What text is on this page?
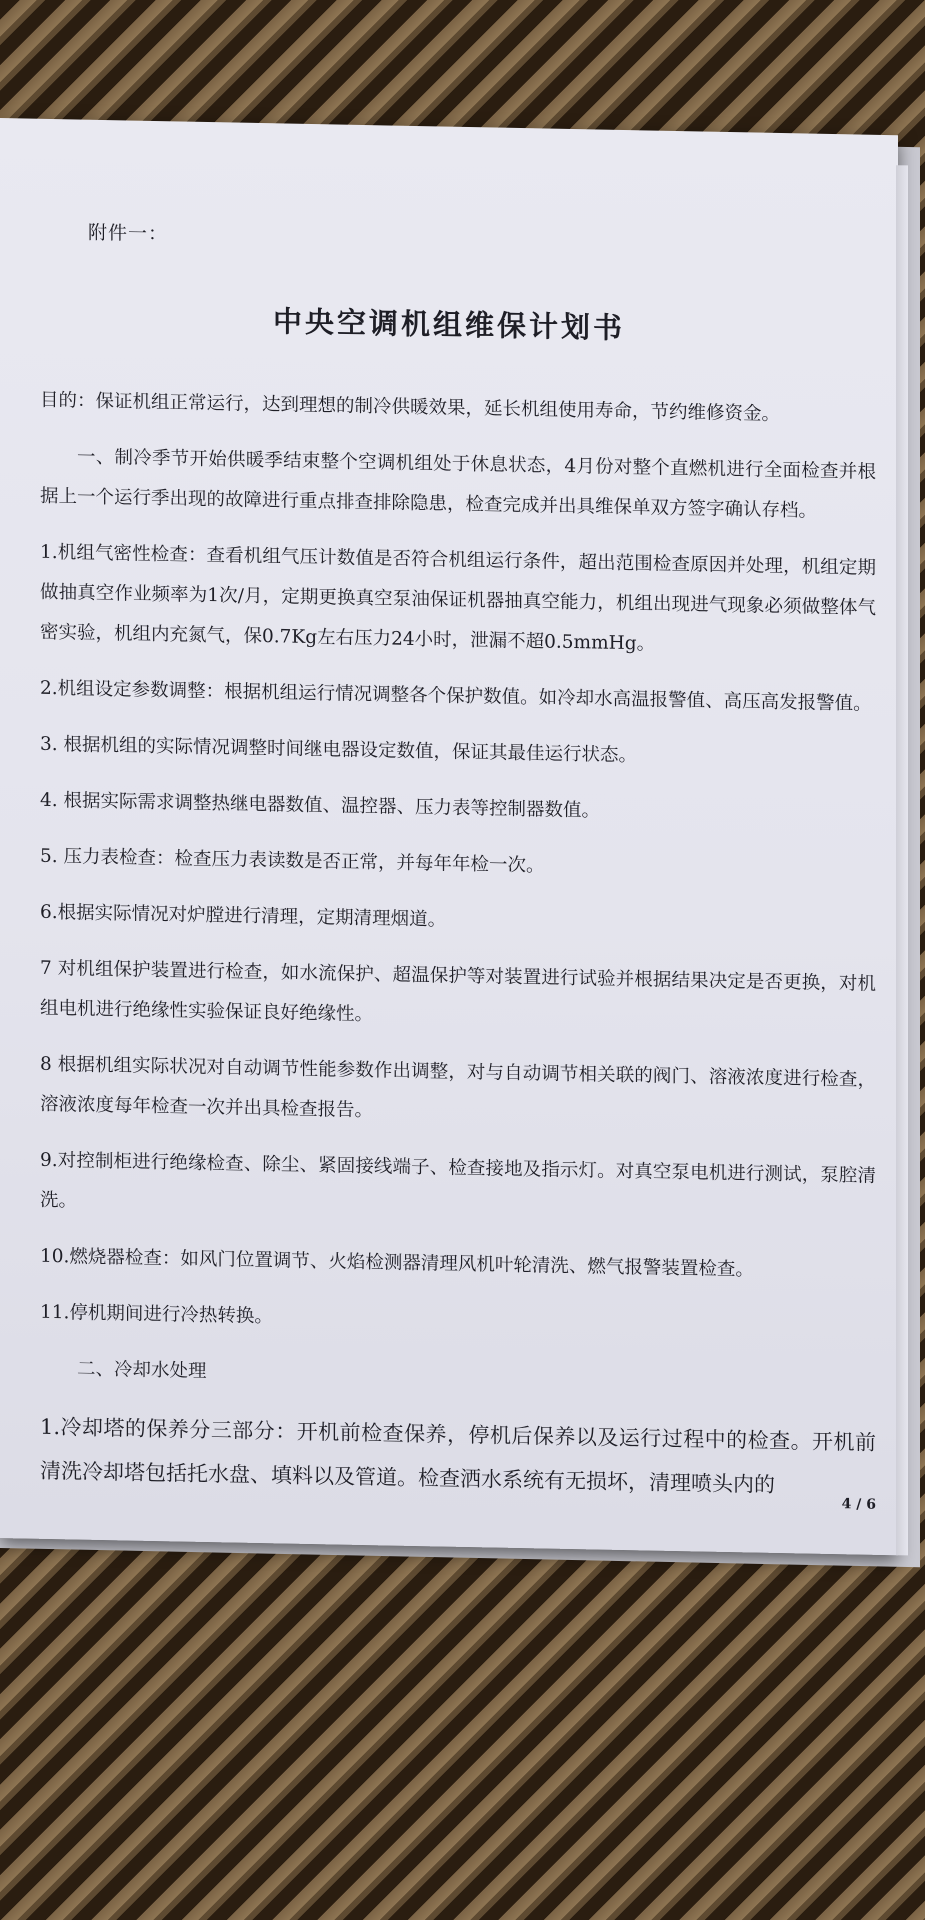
附件一：
中央空调机组维保计划书

目的：保证机组正常运行，达到理想的制冷供暖效果，延长机组使用寿命，节约维修资金。

一、制冷季节开始供暖季结束整个空调机组处于休息状态，4月份对整个直燃机进行全面检查并根据上一个运行季出现的故障进行重点排查排除隐患，检查完成并出具维保单双方签字确认存档。

1.机组气密性检查：查看机组气压计数值是否符合机组运行条件，超出范围检查原因并处理，机组定期做抽真空作业频率为1次/月，定期更换真空泵油保证机器抽真空能力，机组出现进气现象必须做整体气密实验，机组内充氮气，保0.7Kg左右压力24小时，泄漏不超0.5mmHg。

2.机组设定参数调整：根据机组运行情况调整各个保护数值。如冷却水高温报警值、高压高发报警值。

3. 根据机组的实际情况调整时间继电器设定数值，保证其最佳运行状态。

4. 根据实际需求调整热继电器数值、温控器、压力表等控制器数值。

5. 压力表检查：检查压力表读数是否正常，并每年年检一次。

6.根据实际情况对炉膛进行清理，定期清理烟道。

7 对机组保护装置进行检查，如水流保护、超温保护等对装置进行试验并根据结果决定是否更换，对机组电机进行绝缘性实验保证良好绝缘性。

8 根据机组实际状况对自动调节性能参数作出调整，对与自动调节相关联的阀门、溶液浓度进行检查，溶液浓度每年检查一次并出具检查报告。

9.对控制柜进行绝缘检查、除尘、紧固接线端子、检查接地及指示灯。对真空泵电机进行测试，泵腔清洗。

10.燃烧器检查：如风门位置调节、火焰检测器清理风机叶轮清洗、燃气报警装置检查。

11.停机期间进行冷热转换。

二、冷却水处理

1.冷却塔的保养分三部分：开机前检查保养，停机后保养以及运行过程中的检查。开机前清洗冷却塔包括托水盘、填料以及管道。检查洒水系统有无损坏，清理喷头内的

4 / 6
